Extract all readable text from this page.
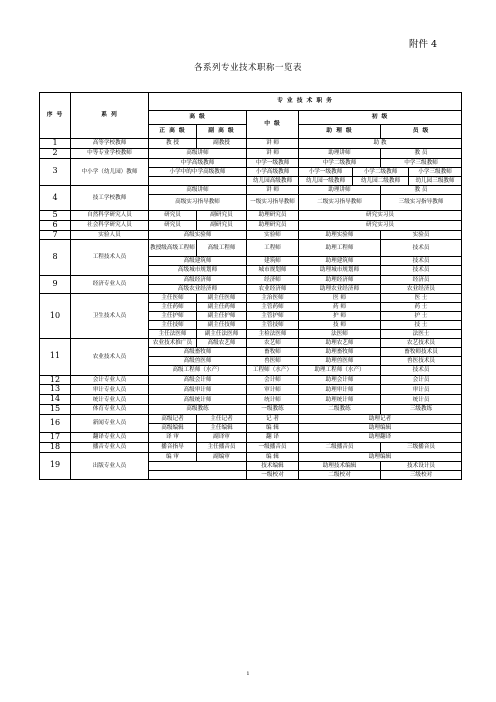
附件 4
各系列专业技术职称一览表
序 号	系 列	专 业 技 术 职 务						
		高 级		中 级	初 级			
		正 高 级	副 高 级		助 理 级		员 级	
1	高等学校教师	教 授	副教授	讲 师	助 教			
2	中等专业学校教师	高级讲师		讲 师	助理讲师		教 员	
3	中小学（幼儿园）教师	中学高级教师		中学一级教师	中学二级教师		中学三级教师	
		小学中的中学高级教师		小学高级教师	小学一级教师	小学二级教师		小学三级教师
				幼儿园高级教师	幼儿园一级教师	幼儿园二级教师		幼儿园三级教师
4	技工学校教师	高级讲师		讲 师	助理讲师		教 员	
		高级实习指导教师		一级实习指导教师	二级实习指导教师		三级实习指导教师	
5	自然科学研究人员	研究员	副研究员	助理研究员	研究实习员			
6	社会科学研究人员	研究员	副研究员	助理研究员	研究实习员			
7	实验人员	高级实验师		实验师	助理实验师		实验员	
8	工程技术人员	教授级高级工程师	高级工程师	工程师	助理工程师		技术员	
		高级建筑师		建筑师	助理建筑师		技术员	
		高级城市规划师		城市规划师	助理城市规划师		技术员	
9	经济专业人员	高级经济师		经济师	助理经济师		经济员	
		高级农业经济师		农业经济师	助理农业经济师		农业经济员	
10	卫生技术人员	主任医师	副主任医师	主治医师	医 师		医 士	
		主任药师	副主任药师	主管药师	药 师		药 士	
		主任护师	副主任护师	主管护师	护 师		护 士	
		主任技师	副主任技师	主管技师	技 师		技 士	
		主任法医师	副主任法医师	主检法医师	法医师		法医士	
11	农业技术人员	农业技术推广员	高级农艺师	农艺师	助理农艺师		农艺技术员	
		高级畜牧师		畜牧师	助理畜牧师		畜牧师技术员	
		高级兽医师		兽医师	助理兽医师		兽医技术员	
		高级工程师（水产）		工程师（水产）	助理工程师（水产）		技术员	
12	会计专业人员	高级会计师		会计师	助理会计师		会计员	
13	审计专业人员	高级审计师		审计师	助理审计师		审计员	
14	统计专业人员	高级统计师		统计师	助理统计师		统计员	
15	体育专业人员	高级教练		一级教练	二级教练		三级教练	
16	新闻专业人员	高级记者	主任记者	记 者	助理记者			
		高级编辑	主任编辑	编 辑	助理编辑			
17	翻译专业人员	译 审	副译审	翻 译	助理翻译			
18	播音专业人员	播音指导	主任播音员	一级播音员	二级播音员		三级播音员	
19	出版专业人员	编 审	副编审	编 辑	助理编辑			
				技术编辑	助理技术编辑		技术设计员	
				一级校对	二级校对		三级校对	
1
